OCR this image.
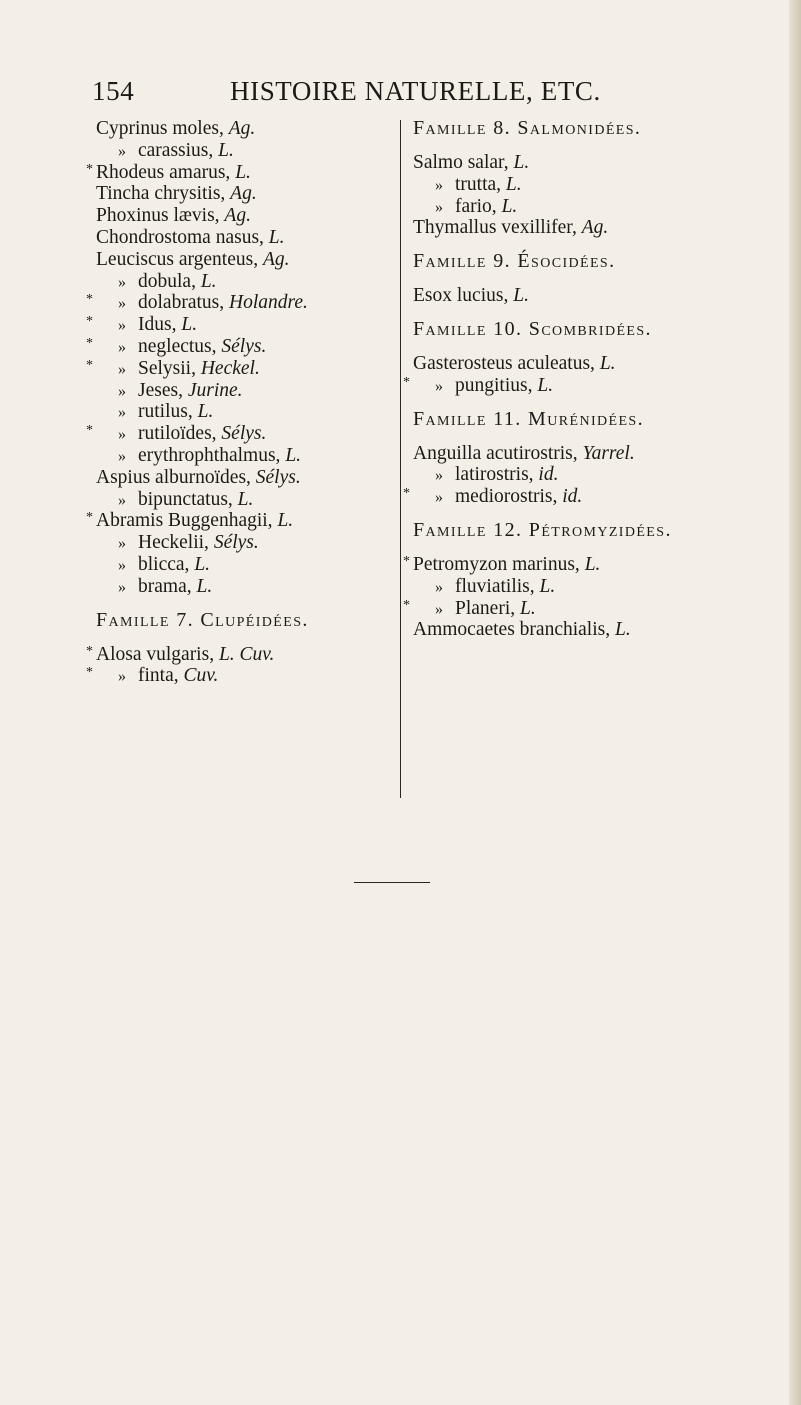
154	HISTOIRE NATURELLE, ETC.
Cyprinus moles, Ag.
» carassius, L.
* Rhodeus amarus, L.
Tincha chrysitis, Ag.
Phoxinus lævis, Ag.
Chondrostoma nasus, L.
Leuciscus argenteus, Ag.
» dobula, L.
* » dolabratus, Holandre.
* » Idus, L.
* » neglectus, Sélys.
* » Selysii, Heckel.
» Jeses, Jurine.
» rutilus, L.
* » rutiloïdes, Sélys.
» erythrophthalmus, L.
Aspius alburnoïdes, Sélys.
» bipunctatus, L.
* Abramis Buggenhagii, L.
» Heckelii, Sélys.
» blicca, L.
» brama, L.
Famille 7. Clupéidées.
* Alosa vulgaris, L. Cuv.
* » finta, Cuv.
Famille 8. Salmonidées.
Salmo salar, L.
» trutta, L.
» fario, L.
Thymallus vexillifer, Ag.
Famille 9. Ésocidées.
Esox lucius, L.
Famille 10. Scombridées.
Gasterosteus aculeatus, L.
* » pungitius, L.
Famille 11. Murénidées.
Anguilla acutirostris, Yarrel.
» latirostris, id.
* » mediorostris, id.
Famille 12. Pétromyzidées.
* Petromyzon marinus, L.
» fluviatilis, L.
* » Planeri, L.
Ammocaetes branchialis, L.
